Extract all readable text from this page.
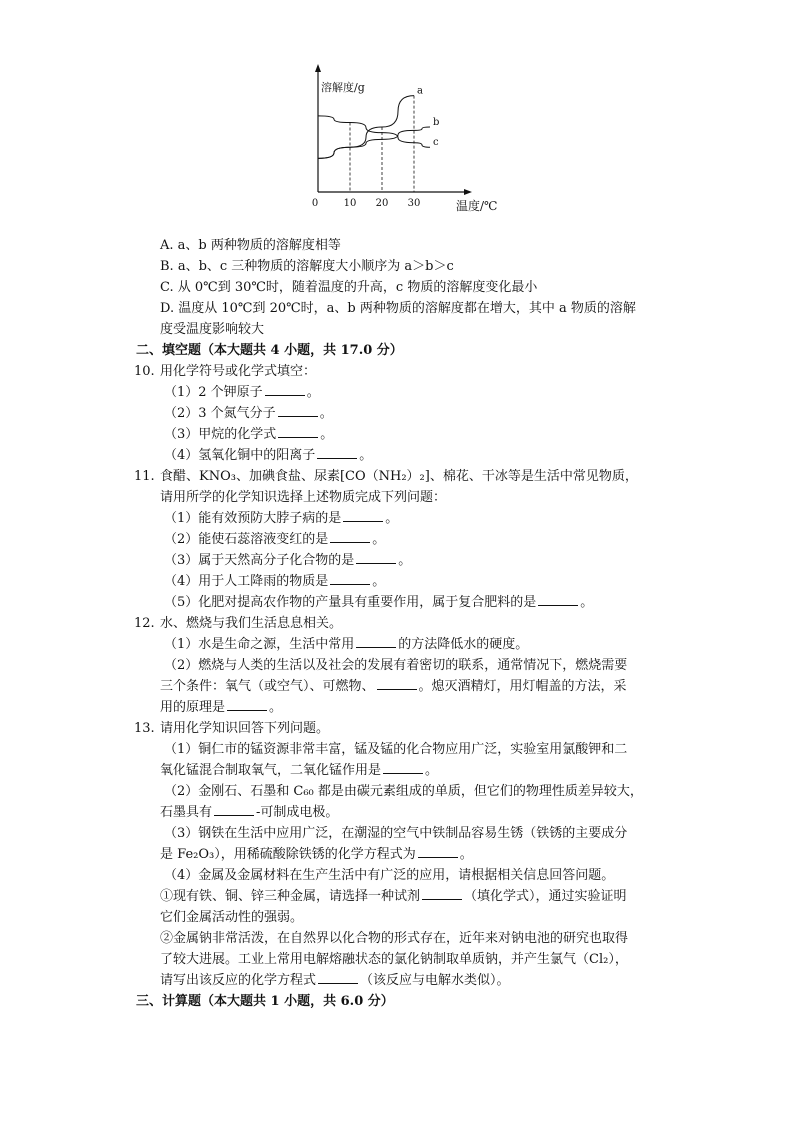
溶解度/g
0	10 20 30	温度/℃
a
b
c
A. a、b 两种物质的溶解度相等
B. a、b、c 三种物质的溶解度大小顺序为 a＞b＞c
C. 从 0℃到 30℃时，随着温度的升高，c 物质的溶解度变化最小
D. 温度从 10℃到 20℃时，a、b 两种物质的溶解度都在增大，其中 a 物质的溶解
度受温度影响较大
二、填空题（本大题共 4 小题，共 17.0 分）
10. 用化学符号或化学式填空：
（1）2 个钾原子	。
（2）3 个氮气分子	。
（3）甲烷的化学式	。
（4）氢氧化铜中的阳离子	。
11. 食醋、KNO₃、加碘食盐、尿素[CO（NH₂）₂]、棉花、干冰等是生活中常见物质，
请用所学的化学知识选择上述物质完成下列问题：
（1）能有效预防大脖子病的是	。
（2）能使石蕊溶液变红的是	。
（3）属于天然高分子化合物的是	。
（4）用于人工降雨的物质是	。
（5）化肥对提高农作物的产量具有重要作用，属于复合肥料的是	。
12. 水、燃烧与我们生活息息相关。
（1）水是生命之源，生活中常用	的方法降低水的硬度。
（2）燃烧与人类的生活以及社会的发展有着密切的联系，通常情况下，燃烧需要
三个条件：氧气（或空气）、可燃物、	。熄灭酒精灯，用灯帽盖的方法，采
用的原理是	。
13. 请用化学知识回答下列问题。
（1）铜仁市的锰资源非常丰富，锰及锰的化合物应用广泛，实验室用氯酸钾和二
氧化锰混合制取氧气，二氧化锰作用是	。
（2）金刚石、石墨和 C₆₀ 都是由碳元素组成的单质，但它们的物理性质差异较大，
石墨具有	-可制成电极。
（3）钢铁在生活中应用广泛，在潮湿的空气中铁制品容易生锈（铁锈的主要成分
是 Fe₂O₃），用稀硫酸除铁锈的化学方程式为	。
（4）金属及金属材料在生产生活中有广泛的应用，请根据相关信息回答问题。
①现有铁、铜、锌三种金属，请选择一种试剂	（填化学式），通过实验证明
它们金属活动性的强弱。
②金属钠非常活泼，在自然界以化合物的形式存在，近年来对钠电池的研究也取得
了较大进展。工业上常用电解熔融状态的氯化钠制取单质钠，并产生氯气（Cl₂），
请写出该反应的化学方程式	（该反应与电解水类似）。
三、计算题（本大题共 1 小题，共 6.0 分）
